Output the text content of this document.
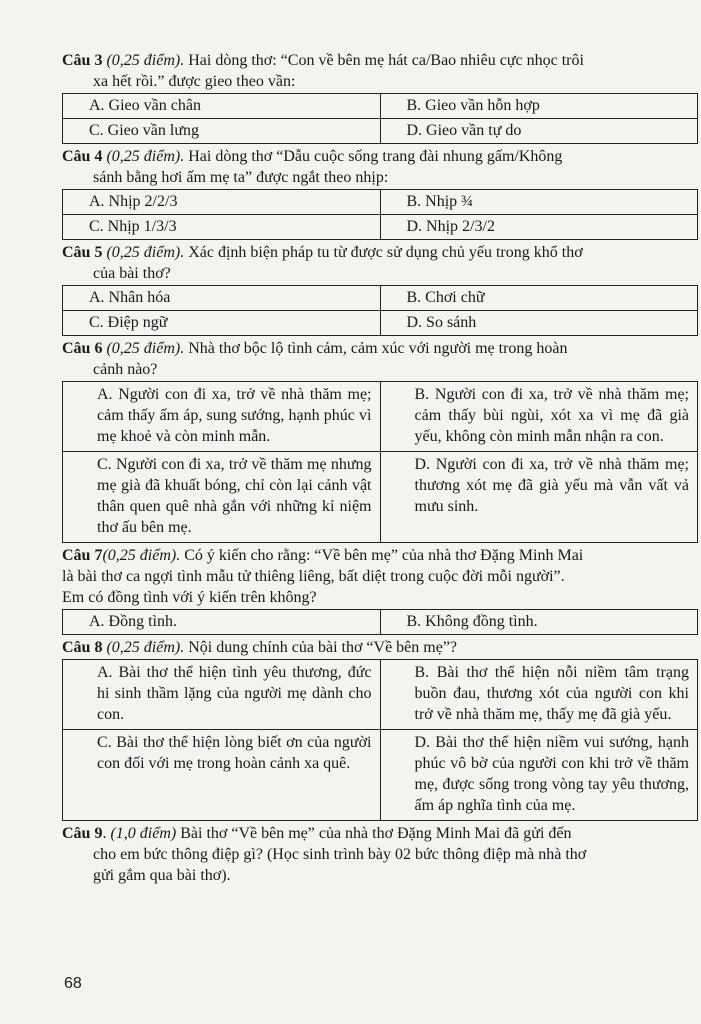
Câu 3 (0,25 điểm). Hai dòng thơ: “Con về bên mẹ hát ca/Bao nhiêu cực nhọc trôi
xa hết rồi.” được gieo theo vần:

A. Gieo vần chân	B. Gieo vần hỗn hợp
C. Gieo vần lưng	D. Gieo vần tự do

Câu 4 (0,25 điểm). Hai dòng thơ “Dẫu cuộc sống trang đài nhung gấm/Không
sánh bằng hơi ấm mẹ ta” được ngắt theo nhịp:

A. Nhịp 2/2/3	B. Nhịp ¾
C. Nhịp 1/3/3	D. Nhịp 2/3/2

Câu 5 (0,25 điểm). Xác định biện pháp tu từ được sử dụng chủ yếu trong khổ thơ
của bài thơ?

A. Nhân hóa	B. Chơi chữ
C. Điệp ngữ	D. So sánh

Câu 6 (0,25 điểm). Nhà thơ bộc lộ tình cảm, cảm xúc với người mẹ trong hoàn
cảnh nào?

A. Người con đi xa, trở về nhà thăm mẹ; cảm thấy ấm áp, sung sướng, hạnh phúc vì mẹ khoẻ và còn minh mẫn.	B. Người con đi xa, trở về nhà thăm mẹ; cảm thấy bùi ngùi, xót xa vì mẹ đã già yếu, không còn minh mẫn nhận ra con.

C. Người con đi xa, trở về thăm mẹ nhưng mẹ già đã khuất bóng, chỉ còn lại cảnh vật thân quen quê nhà gắn với những kỉ niệm thơ ấu bên mẹ.	D. Người con đi xa, trở về nhà thăm mẹ; thương xót mẹ đã già yếu mà vẫn vất vả mưu sinh.

Câu 7(0,25 điểm). Có ý kiến cho rằng: “Về bên mẹ” của nhà thơ Đặng Minh Mai
là bài thơ ca ngợi tình mẫu tử thiêng liêng, bất diệt trong cuộc đời mỗi người”.
Em có đồng tình với ý kiến trên không?

A. Đồng tình.	B. Không đồng tình.

Câu 8 (0,25 điểm). Nội dung chính của bài thơ “Về bên mẹ”?

A. Bài thơ thể hiện tình yêu thương, đức hi sinh thầm lặng của người mẹ dành cho con.	B. Bài thơ thể hiện nỗi niềm tâm trạng buồn đau, thương xót của người con khi trở về nhà thăm mẹ, thấy mẹ đã già yếu.

C. Bài thơ thể hiện lòng biết ơn của người con đối với mẹ trong hoàn cảnh xa quê.	D. Bài thơ thể hiện niềm vui sướng, hạnh phúc vô bờ của người con khi trở về thăm mẹ, được sống trong vòng tay yêu thương, ấm áp nghĩa tình của mẹ.

Câu 9. (1,0 điểm) Bài thơ “Về bên mẹ” của nhà thơ Đặng Minh Mai đã gửi đến
cho em bức thông điệp gì? (Học sinh trình bày 02 bức thông điệp mà nhà thơ
gửi gắm qua bài thơ).

68
